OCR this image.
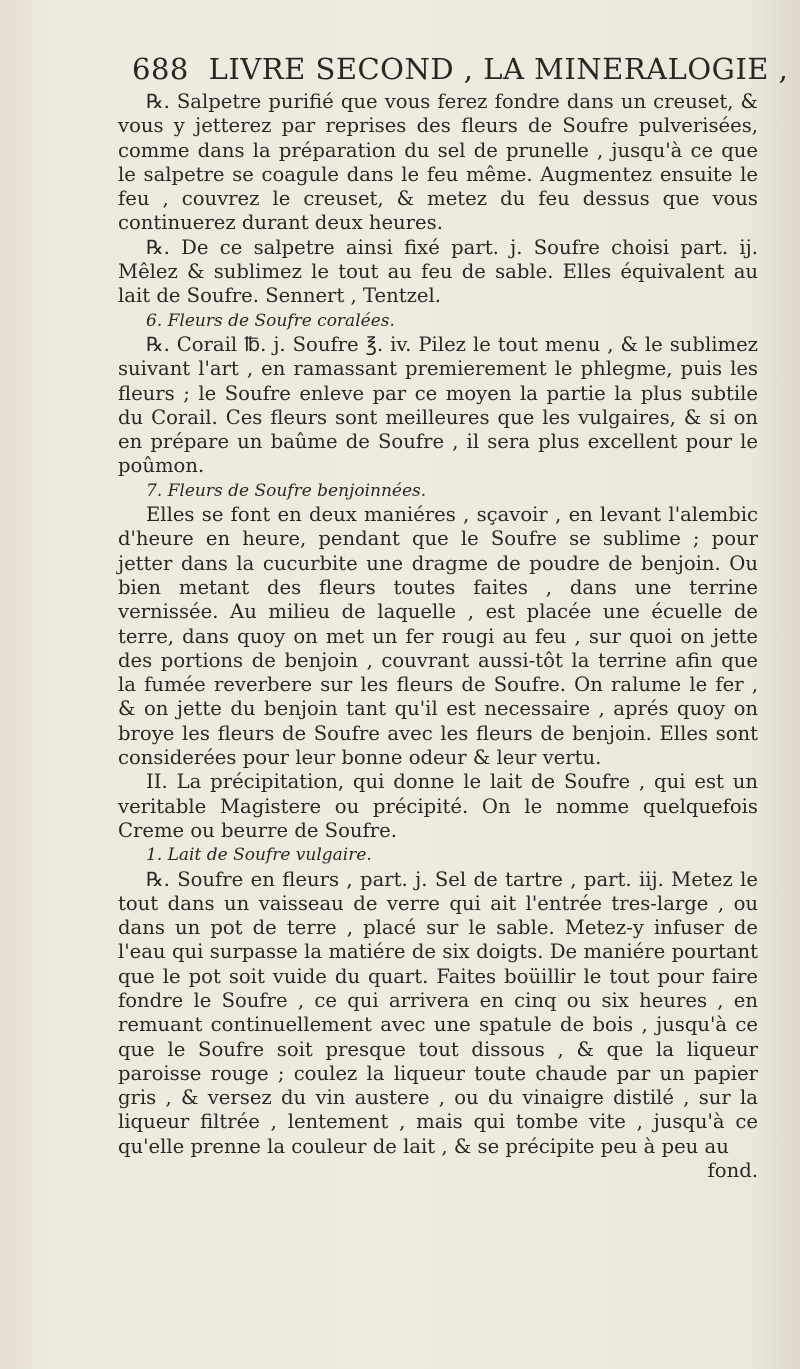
688 LIVRE SECOND , LA MINERALOGIE ,

℞. Salpetre purifié que vous ferez fondre dans un creuset, & vous y jetterez par reprises des fleurs de Soufre pulverisées, comme dans la préparation du sel de prunelle , jusqu'à ce que le salpetre se coagule dans le feu même. Augmentez ensuite le feu , couvrez le creuset, & metez du feu dessus que vous continuerez durant deux heures.

℞. De ce salpetre ainsi fixé part. j. Soufre choisi part. ij. Mêlez & sublimez le tout au feu de sable. Elles équivalent au lait de Soufre. Sennert , Tentzel.

6. Fleurs de Soufre coralées.

℞. Corail ℔. j. Soufre ℥. iv. Pilez le tout menu , & le sublimez suivant l'art , en ramassant premierement le phlegme, puis les fleurs ; le Soufre enleve par ce moyen la partie la plus subtile du Corail. Ces fleurs sont meilleures que les vulgaires, & si on en prépare un baûme de Soufre , il sera plus excellent pour le poûmon.

7. Fleurs de Soufre benjoinnées.

Elles se font en deux maniéres , sçavoir , en levant l'alembic d'heure en heure, pendant que le Soufre se sublime ; pour jetter dans la cucurbite une dragme de poudre de benjoin. Ou bien metant des fleurs toutes faites , dans une terrine vernissée. Au milieu de laquelle , est placée une écuelle de terre, dans quoy on met un fer rougi au feu , sur quoi on jette des portions de benjoin , couvrant aussi-tôt la terrine afin que la fumée reverbere sur les fleurs de Soufre. On ralume le fer , & on jette du benjoin tant qu'il est necessaire , aprés quoy on broye les fleurs de Soufre avec les fleurs de benjoin. Elles sont considerées pour leur bonne odeur & leur vertu.

II. La précipitation, qui donne le lait de Soufre , qui est un veritable Magistere ou précipité. On le nomme quelquefois Creme ou beurre de Soufre.

1. Lait de Soufre vulgaire.

℞. Soufre en fleurs , part. j. Sel de tartre , part. iij. Metez le tout dans un vaisseau de verre qui ait l'entrée tres-large , ou dans un pot de terre , placé sur le sable. Metez-y infuser de l'eau qui surpasse la matiére de six doigts. De maniére pourtant que le pot soit vuide du quart. Faites boüillir le tout pour faire fondre le Soufre , ce qui arrivera en cinq ou six heures , en remuant continuellement avec une spatule de bois , jusqu'à ce que le Soufre soit presque tout dissous , & que la liqueur paroisse rouge ; coulez la liqueur toute chaude par un papier gris , & versez du vin austere , ou du vinaigre distilé , sur la liqueur filtrée , lentement , mais qui tombe vite , jusqu'à ce qu'elle prenne la couleur de lait , & se précipite peu à peu au

fond.
